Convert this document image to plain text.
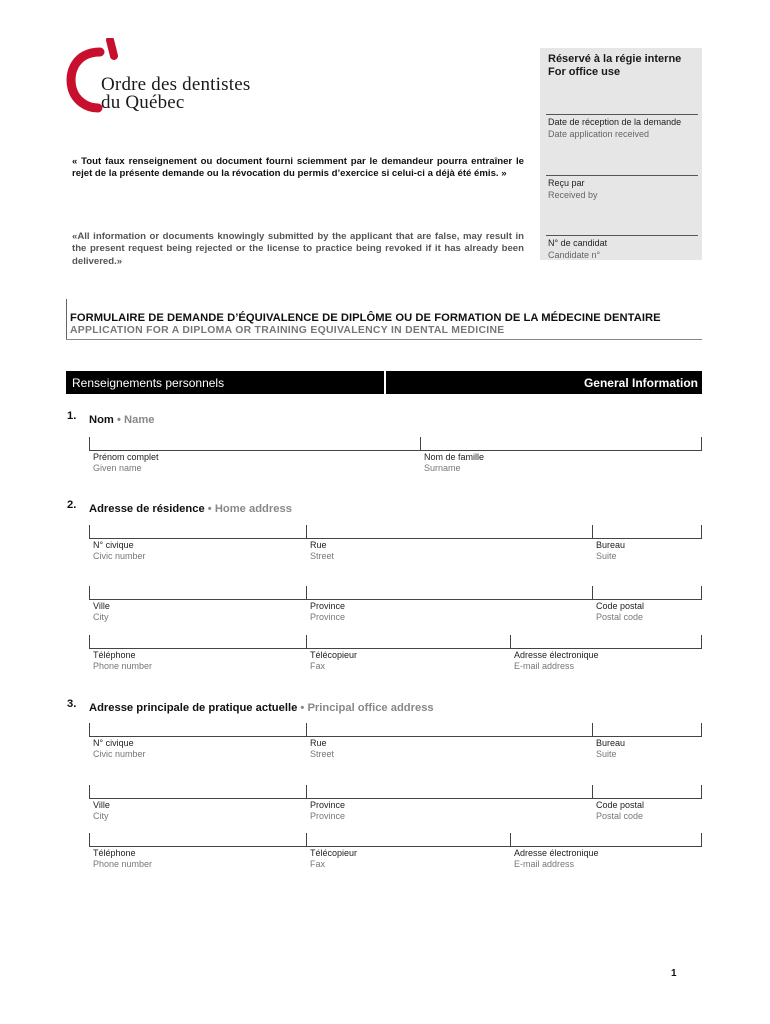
Ordre des dentistes
du Québec
Réservé à la régie interne
For office use
Date de réception de la demande
Date application received
Reçu par
Received by
N° de candidat
Candidate n°
« Tout faux renseignement ou document fourni sciemment par le demandeur pourra entraîner le rejet de la présente demande ou la révocation du permis d’exercice si celui-ci a déjà été émis. »
«All information or documents knowingly submitted by the applicant that are false, may result in the present request being rejected or the license to practice being revoked if it has already been delivered.»
FORMULAIRE DE DEMANDE D’ÉQUIVALENCE DE DIPLÔME OU DE FORMATION DE LA MÉDECINE DENTAIRE
APPLICATION FOR A DIPLOMA OR TRAINING EQUIVALENCY IN DENTAL MEDICINE
Renseignements personnels	General Information
1. Nom • Name
Prénom complet
Given name
Nom de famille
Surname
2. Adresse de résidence • Home address
N° civique
Civic number
Rue
Street
Bureau
Suite
Ville
City
Province
Province
Code postal
Postal code
Téléphone
Phone number
Télécopieur
Fax
Adresse électronique
E-mail address
3. Adresse principale de pratique actuelle • Principal office address
N° civique
Civic number
Rue
Street
Bureau
Suite
Ville
City
Province
Province
Code postal
Postal code
Téléphone
Phone number
Télécopieur
Fax
Adresse électronique
E-mail address
1
